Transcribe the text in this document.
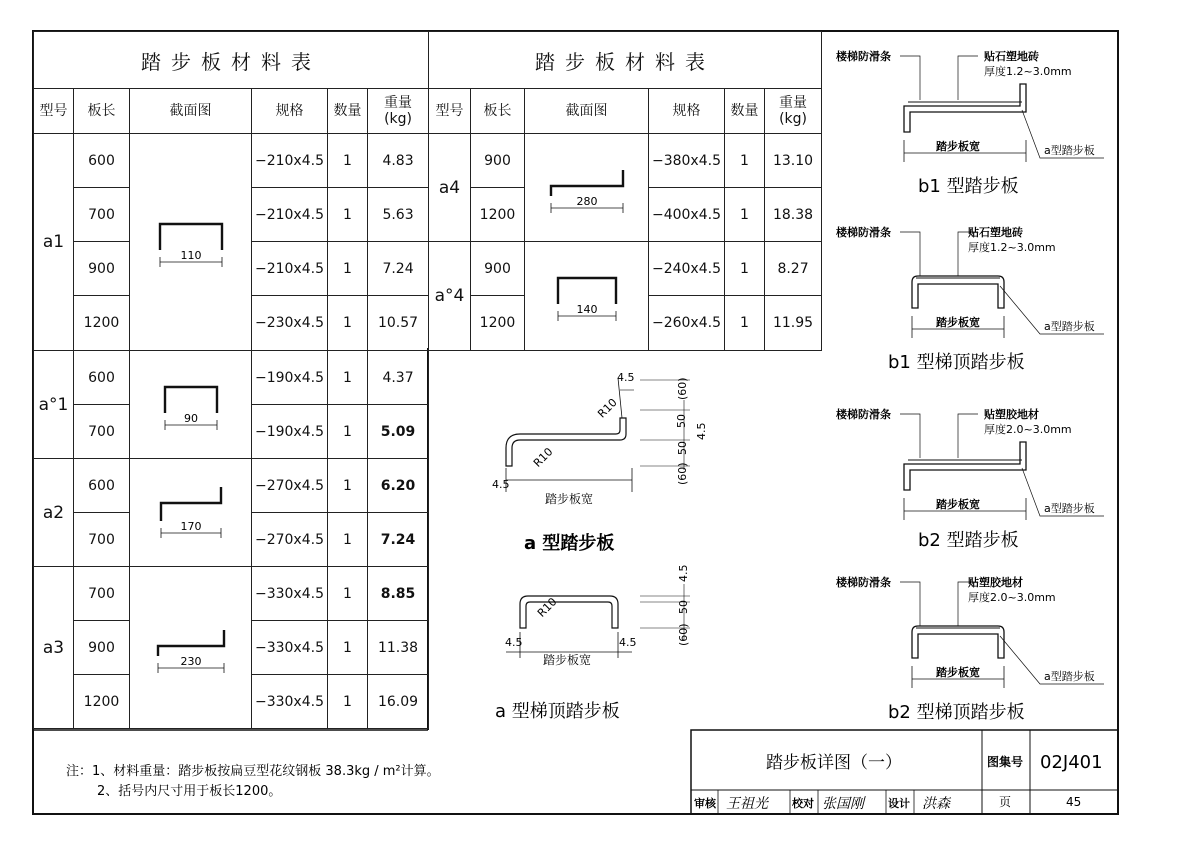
4.5
R10
R10
(60)
50
4.5
50
(60)
4.5
踏步板宽
a 型踏步板
R10
4.5
50
(60)
4.5	4.5
踏步板宽
a 型梯顶踏步板
楼梯防滑条	贴石塑地砖
厚度1.2~3.0mm
踏步板宽	a型踏步板
b1 型踏步板
楼梯防滑条	贴石塑地砖
厚度1.2~3.0mm
踏步板宽	a型踏步板
b1 型梯顶踏步板
楼梯防滑条	贴塑胶地材
厚度2.0~3.0mm
踏步板宽	a型踏步板
b2 型踏步板
楼梯防滑条	贴塑胶地材
厚度2.0~3.0mm
踏步板宽	a型踏步板
b2 型梯顶踏步板
注：1、材料重量：踏步板按扁豆型花纹钢板 38.3kg / m²计算。
2、括号内尺寸用于板长1200。
踏步板详图（一）	图集号 02J401
审核 王祖光 校对 张国刚 设计 洪森	页	45
踏步板材料表					
型号	板长	截面图	规格	数量	重量
(kg)

a1	600	110	−210x4.5	1	4.83
	700		−210x4.5	1	5.63
	900		−210x4.5	1	7.24
	1200		−230x4.5	1	10.57
a°1	600	90	−190x4.5	1	4.37
	700		−190x4.5	1	5.09
a2	600	170	−270x4.5	1	6.20
	700		−270x4.5	1	7.24
a3	700	230	−330x4.5	1	8.85
	900		−330x4.5	1	11.38
	1200		−330x4.5	1	16.09
踏步板材料表					
型号	板长	截面图	规格	数量	重量
(kg)

a4	900	280	−380x4.5	1	13.10
	1200		−400x4.5	1	18.38
a°4	900	140	−240x4.5	1	8.27
	1200		−260x4.5	1	11.95
